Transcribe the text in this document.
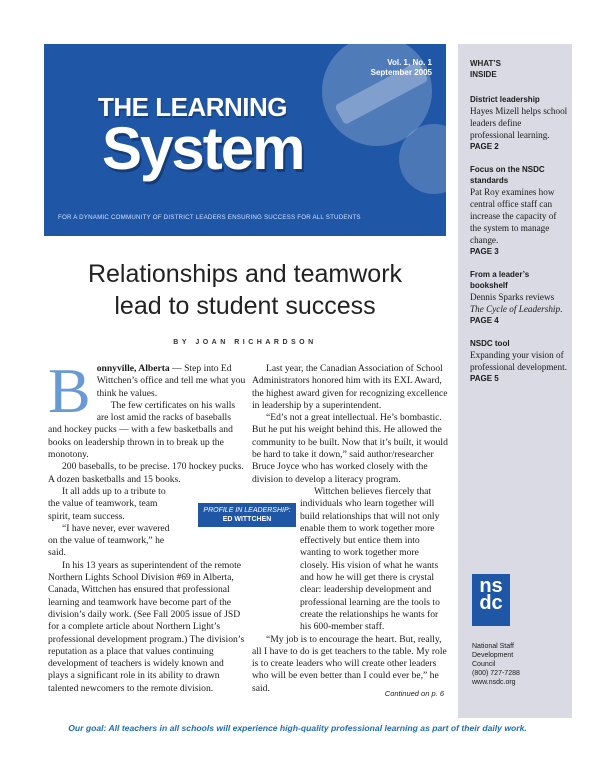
Vol. 1, No. 1
September 2005
THE LEARNING
System
FOR A DYNAMIC COMMUNITY OF DISTRICT LEADERS ENSURING SUCCESS FOR ALL STUDENTS
Relationships and teamwork
lead to student success
BY JOAN RICHARDSON

Bonnyville, Alberta — Step into Ed Wittchen’s office and tell me what you think he values.

The few certificates on his walls are lost amid the racks of baseballs and hockey pucks — with a few basketballs and books on leadership thrown in to break up the monotony.

200 baseballs, to be precise. 170 hockey pucks. A dozen basketballs and 15 books.

It all adds up to a tribute to the value of teamwork, team spirit, team success.

“I have never, ever wavered on the value of teamwork,” he said.

In his 13 years as superintendent of the remote Northern Lights School Division #69 in Alberta, Canada, Wittchen has ensured that professional learning and teamwork have become part of the division’s daily work. (See Fall 2005 issue of JSD for a complete article about Northern Light’s professional development program.) The division’s reputation as a place that values continuing development of teachers is widely known and plays a significant role in its ability to drawn talented newcomers to the remote division.

PROFILE IN LEADERSHIP:
ED WITTCHEN

Last year, the Canadian Association of School Administrators honored him with its EXL Award, the highest award given for recognizing excellence in leadership by a superintendent.

“Ed’s not a great intellectual. He’s bombastic. But he put his weight behind this. He allowed the community to be built. Now that it’s built, it would be hard to take it down,” said author/researcher Bruce Joyce who has worked closely with the division to develop a literacy program.

Wittchen believes fiercely that individuals who learn together will build relationships that will not only enable them to work together more effectively but entice them into wanting to work together more closely. His vision of what he wants and how he will get there is crystal clear: leadership development and professional learning are the tools to create the relationships he wants for his 600-member staff.

“My job is to encourage the heart. But, really, all I have to do is get teachers to the table. My role is to create leaders who will create other leaders who will be even better than I could ever be,” he said.	Continued on p. 6
WHAT’S
INSIDE
District leadership
Hayes Mizell helps school leaders define professional learning.
PAGE 2
Focus on the NSDC standards
Pat Roy examines how central office staff can increase the capacity of the system to manage change.
PAGE 3
From a leader’s bookshelf
Dennis Sparks reviews The Cycle of Leadership.
PAGE 4
NSDC tool
Expanding your vision of professional development.
PAGE 5
ns
dc
National Staff
Development
Council
(800) 727-7288
www.nsdc.org
Our goal: All teachers in all schools will experience high-quality professional learning as part of their daily work.
